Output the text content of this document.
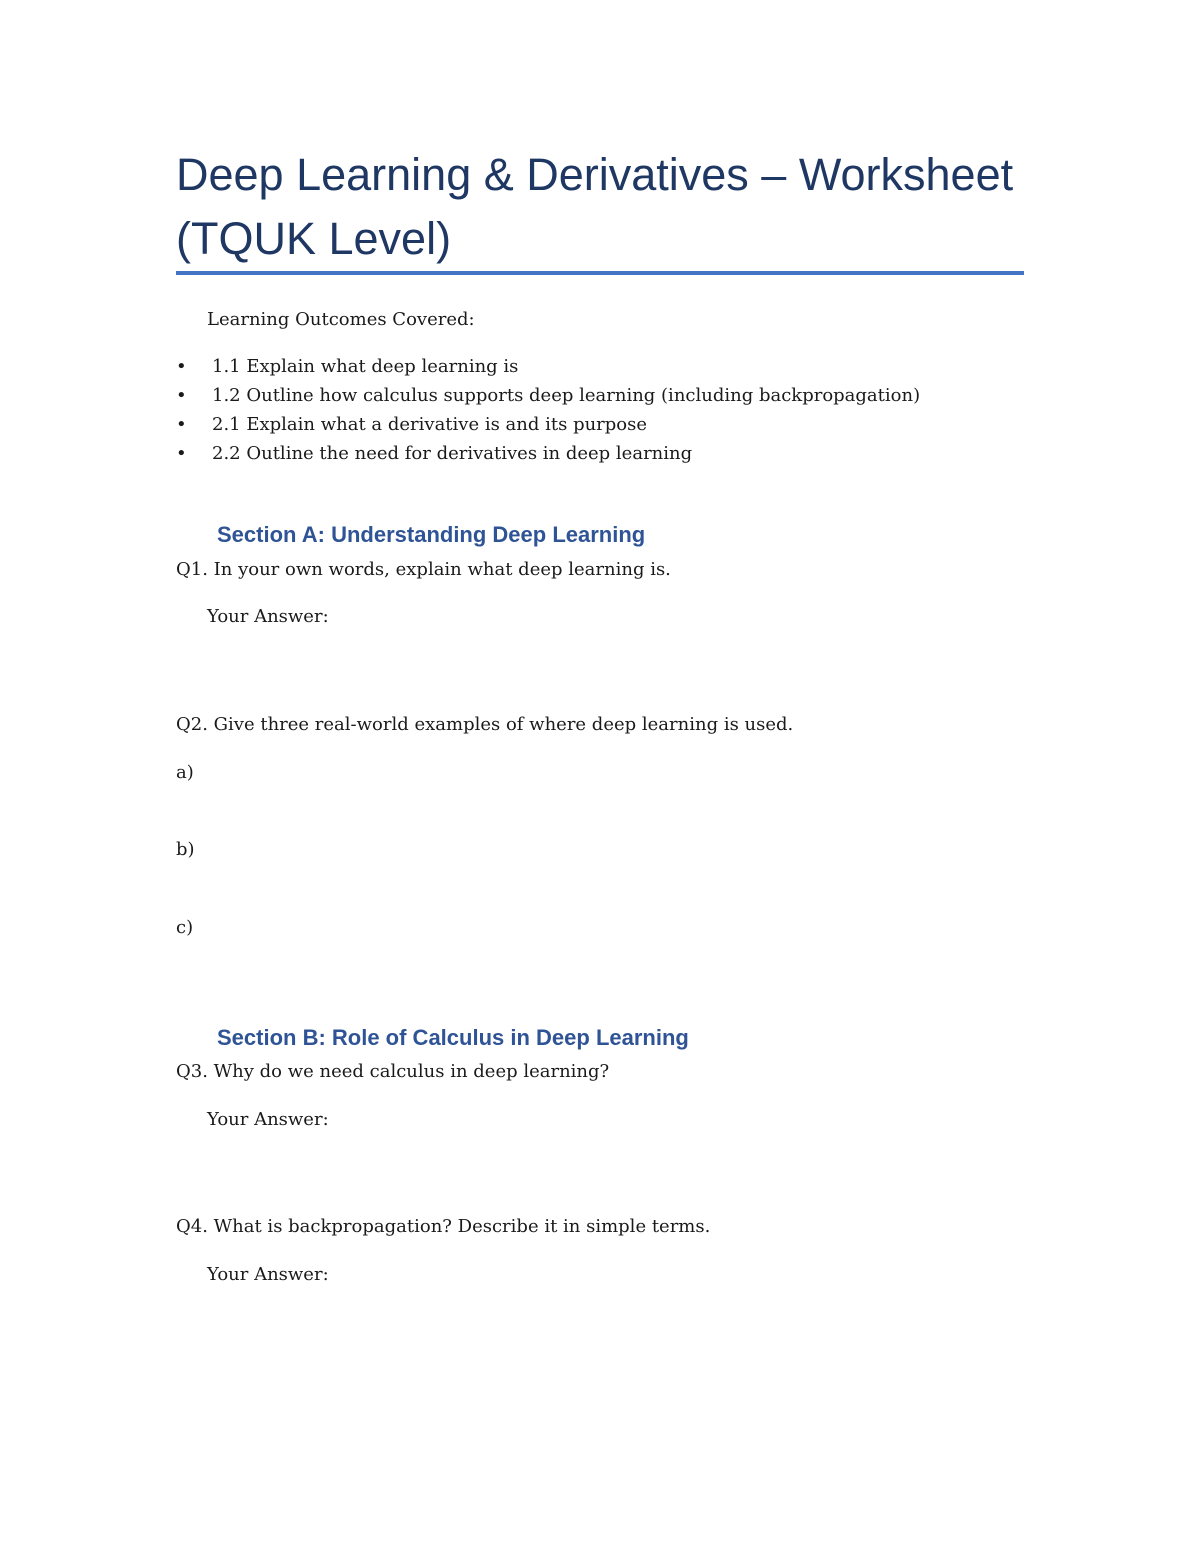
Deep Learning & Derivatives – Worksheet (TQUK Level)

Learning Outcomes Covered:

• 1.1 Explain what deep learning is
• 1.2 Outline how calculus supports deep learning (including backpropagation)
• 2.1 Explain what a derivative is and its purpose
• 2.2 Outline the need for derivatives in deep learning
Section A: Understanding Deep Learning

Q1. In your own words, explain what deep learning is.

Your Answer:

Q2. Give three real-world examples of where deep learning is used.

a)

b)

c)

Section B: Role of Calculus in Deep Learning

Q3. Why do we need calculus in deep learning?

Your Answer:

Q4. What is backpropagation? Describe it in simple terms.

Your Answer:
